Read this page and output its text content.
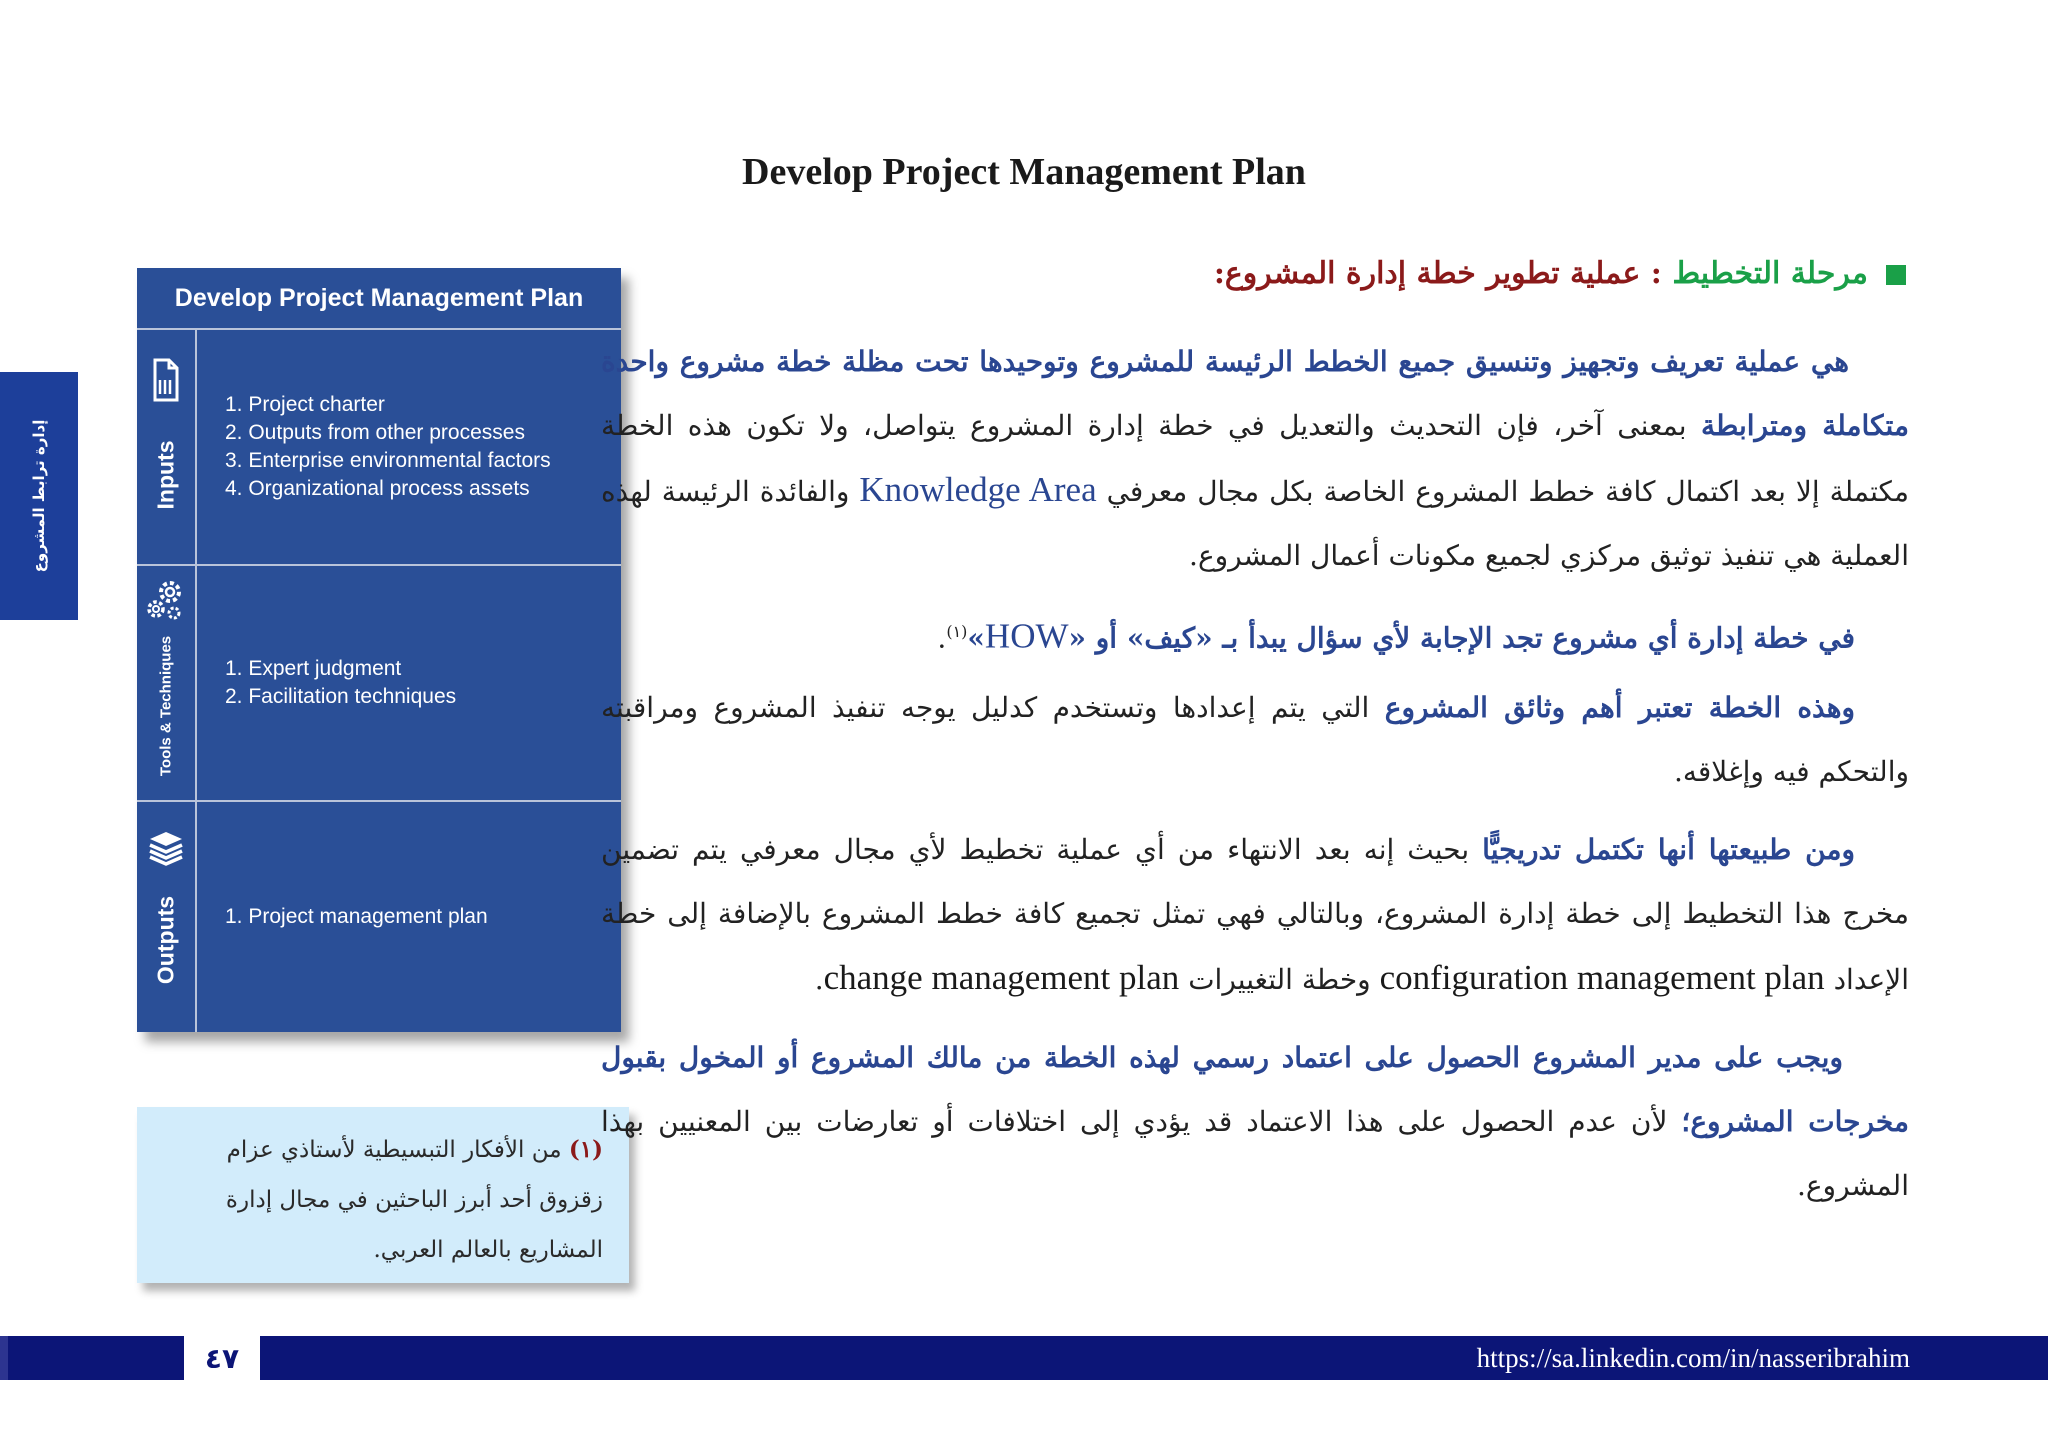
Develop Project Management Plan
إدارة ترابط المشروع
Develop Project Management Plan
Inputs
1. Project charter
2. Outputs from other processes
3. Enterprise environmental factors
4. Organizational process assets
Tools & Techniques 1. Expert judgment
2. Facilitation techniques
Outputs 1. Project management plan
(١) من الأفكار التبسيطية لأستاذي عزام زقزوق أحد أبرز الباحثين في مجال إدارة المشاريع بالعالم العربي.
مرحلة التخطيط : عملية تطوير خطة إدارة المشروع:
هي عملية تعريف وتجهيز وتنسيق جميع الخطط الرئيسة للمشروع وتوحيدها تحت مظلة خطة مشروع واحدة متكاملة ومترابطة بمعنى آخر، فإن التحديث والتعديل في خطة إدارة المشروع يتواصل، ولا تكون هذه الخطة مكتملة إلا بعد اكتمال كافة خطط المشروع الخاصة بكل مجال معرفي Knowledge Area والفائدة الرئيسة لهذه العملية هي تنفيذ توثيق مركزي لجميع مكونات أعمال المشروع.
في خطة إدارة أي مشروع تجد الإجابة لأي سؤال يبدأ بـ «كيف» أو «HOW»$^{(١)}$.
وهذه الخطة تعتبر أهم وثائق المشروع التي يتم إعدادها وتستخدم كدليل يوجه تنفيذ المشروع ومراقبته والتحكم فيه وإغلاقه.
ومن طبيعتها أنها تكتمل تدريجيًّا بحيث إنه بعد الانتهاء من أي عملية تخطيط لأي مجال معرفي يتم تضمين مخرج هذا التخطيط إلى خطة إدارة المشروع، وبالتالي فهي تمثل تجميع كافة خطط المشروع بالإضافة إلى خطة الإعداد configuration management plan وخطة التغييرات change management plan.
ويجب على مدير المشروع الحصول على اعتماد رسمي لهذه الخطة من مالك المشروع أو المخول بقبول مخرجات المشروع؛ لأن عدم الحصول على هذا الاعتماد قد يؤدي إلى اختلافات أو تعارضات بين المعنيين بهذا المشروع.
٤٧	https://sa.linkedin.com/in/nasseribrahim
